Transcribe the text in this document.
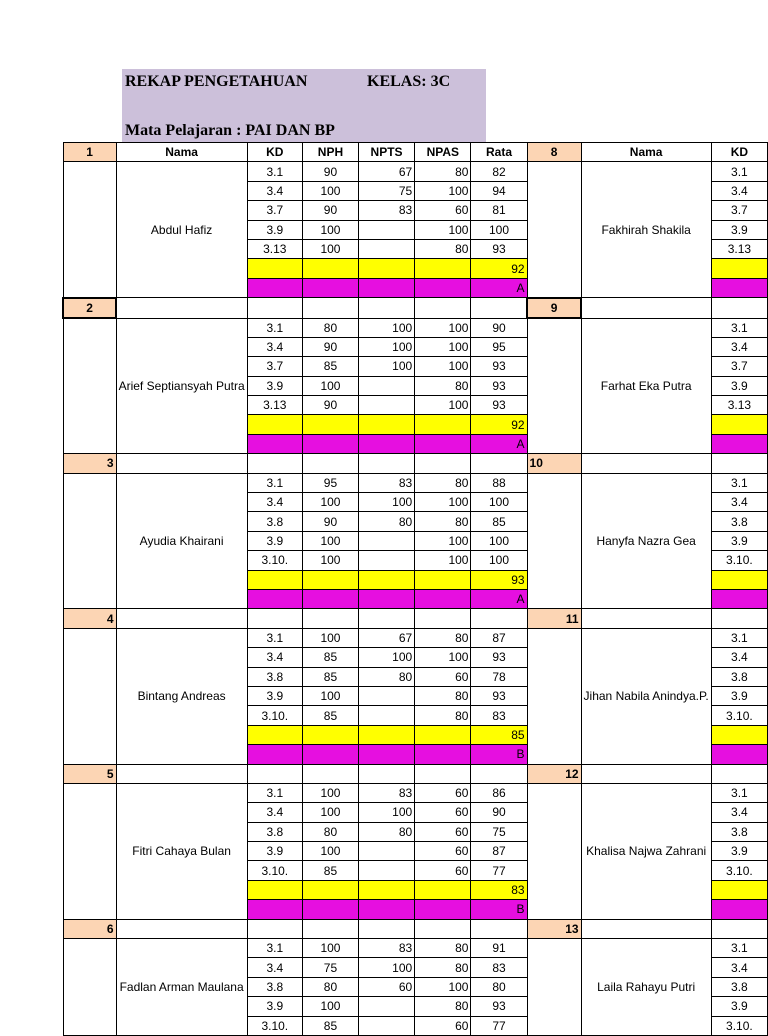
REKAP PENGETAHUAN	KELAS: 3C
Mata Pelajaran : PAI DAN BP
1	Nama	KD	NPH	NPTS	NPAS	Rata	8	Nama	KD
	Abdul Hafiz	3.1	90	67	80	82		Fakhirah Shakila	3.1
		3.4	100	75	100	94			3.4
		3.7	90	83	60	81			3.7
		3.9	100		100	100			3.9
		3.13	100		80	93			3.13
						92			
						A			
2							9		
	Arief Septiansyah Putra	3.1	80	100	100	90		Farhat Eka Putra	3.1
		3.4	90	100	100	95			3.4
		3.7	85	100	100	93			3.7
		3.9	100		80	93			3.9
		3.13	90		100	93			3.13
						92			
						A			
3							10		
	Ayudia Khairani	3.1	95	83	80	88		Hanyfa Nazra Gea	3.1
		3.4	100	100	100	100			3.4
		3.8	90	80	80	85			3.8
		3.9	100		100	100			3.9
		3.10.	100		100	100			3.10.
						93			
						A			
4							11		
	Bintang Andreas	3.1	100	67	80	87		Jihan Nabila Anindya.P.	3.1
		3.4	85	100	100	93			3.4
		3.8	85	80	60	78			3.8
		3.9	100		80	93			3.9
		3.10.	85		80	83			3.10.
						85			
						B			
5							12		
	Fitri Cahaya Bulan	3.1	100	83	60	86		Khalisa Najwa Zahrani	3.1
		3.4	100	100	60	90			3.4
		3.8	80	80	60	75			3.8
		3.9	100		60	87			3.9
		3.10.	85		60	77			3.10.
						83			
						B			
6							13		
	Fadlan Arman Maulana	3.1	100	83	80	91		Laila Rahayu Putri	3.1
		3.4	75	100	80	83			3.4
		3.8	80	60	100	80			3.8
		3.9	100		80	93			3.9
		3.10.	85		60	77			3.10.
